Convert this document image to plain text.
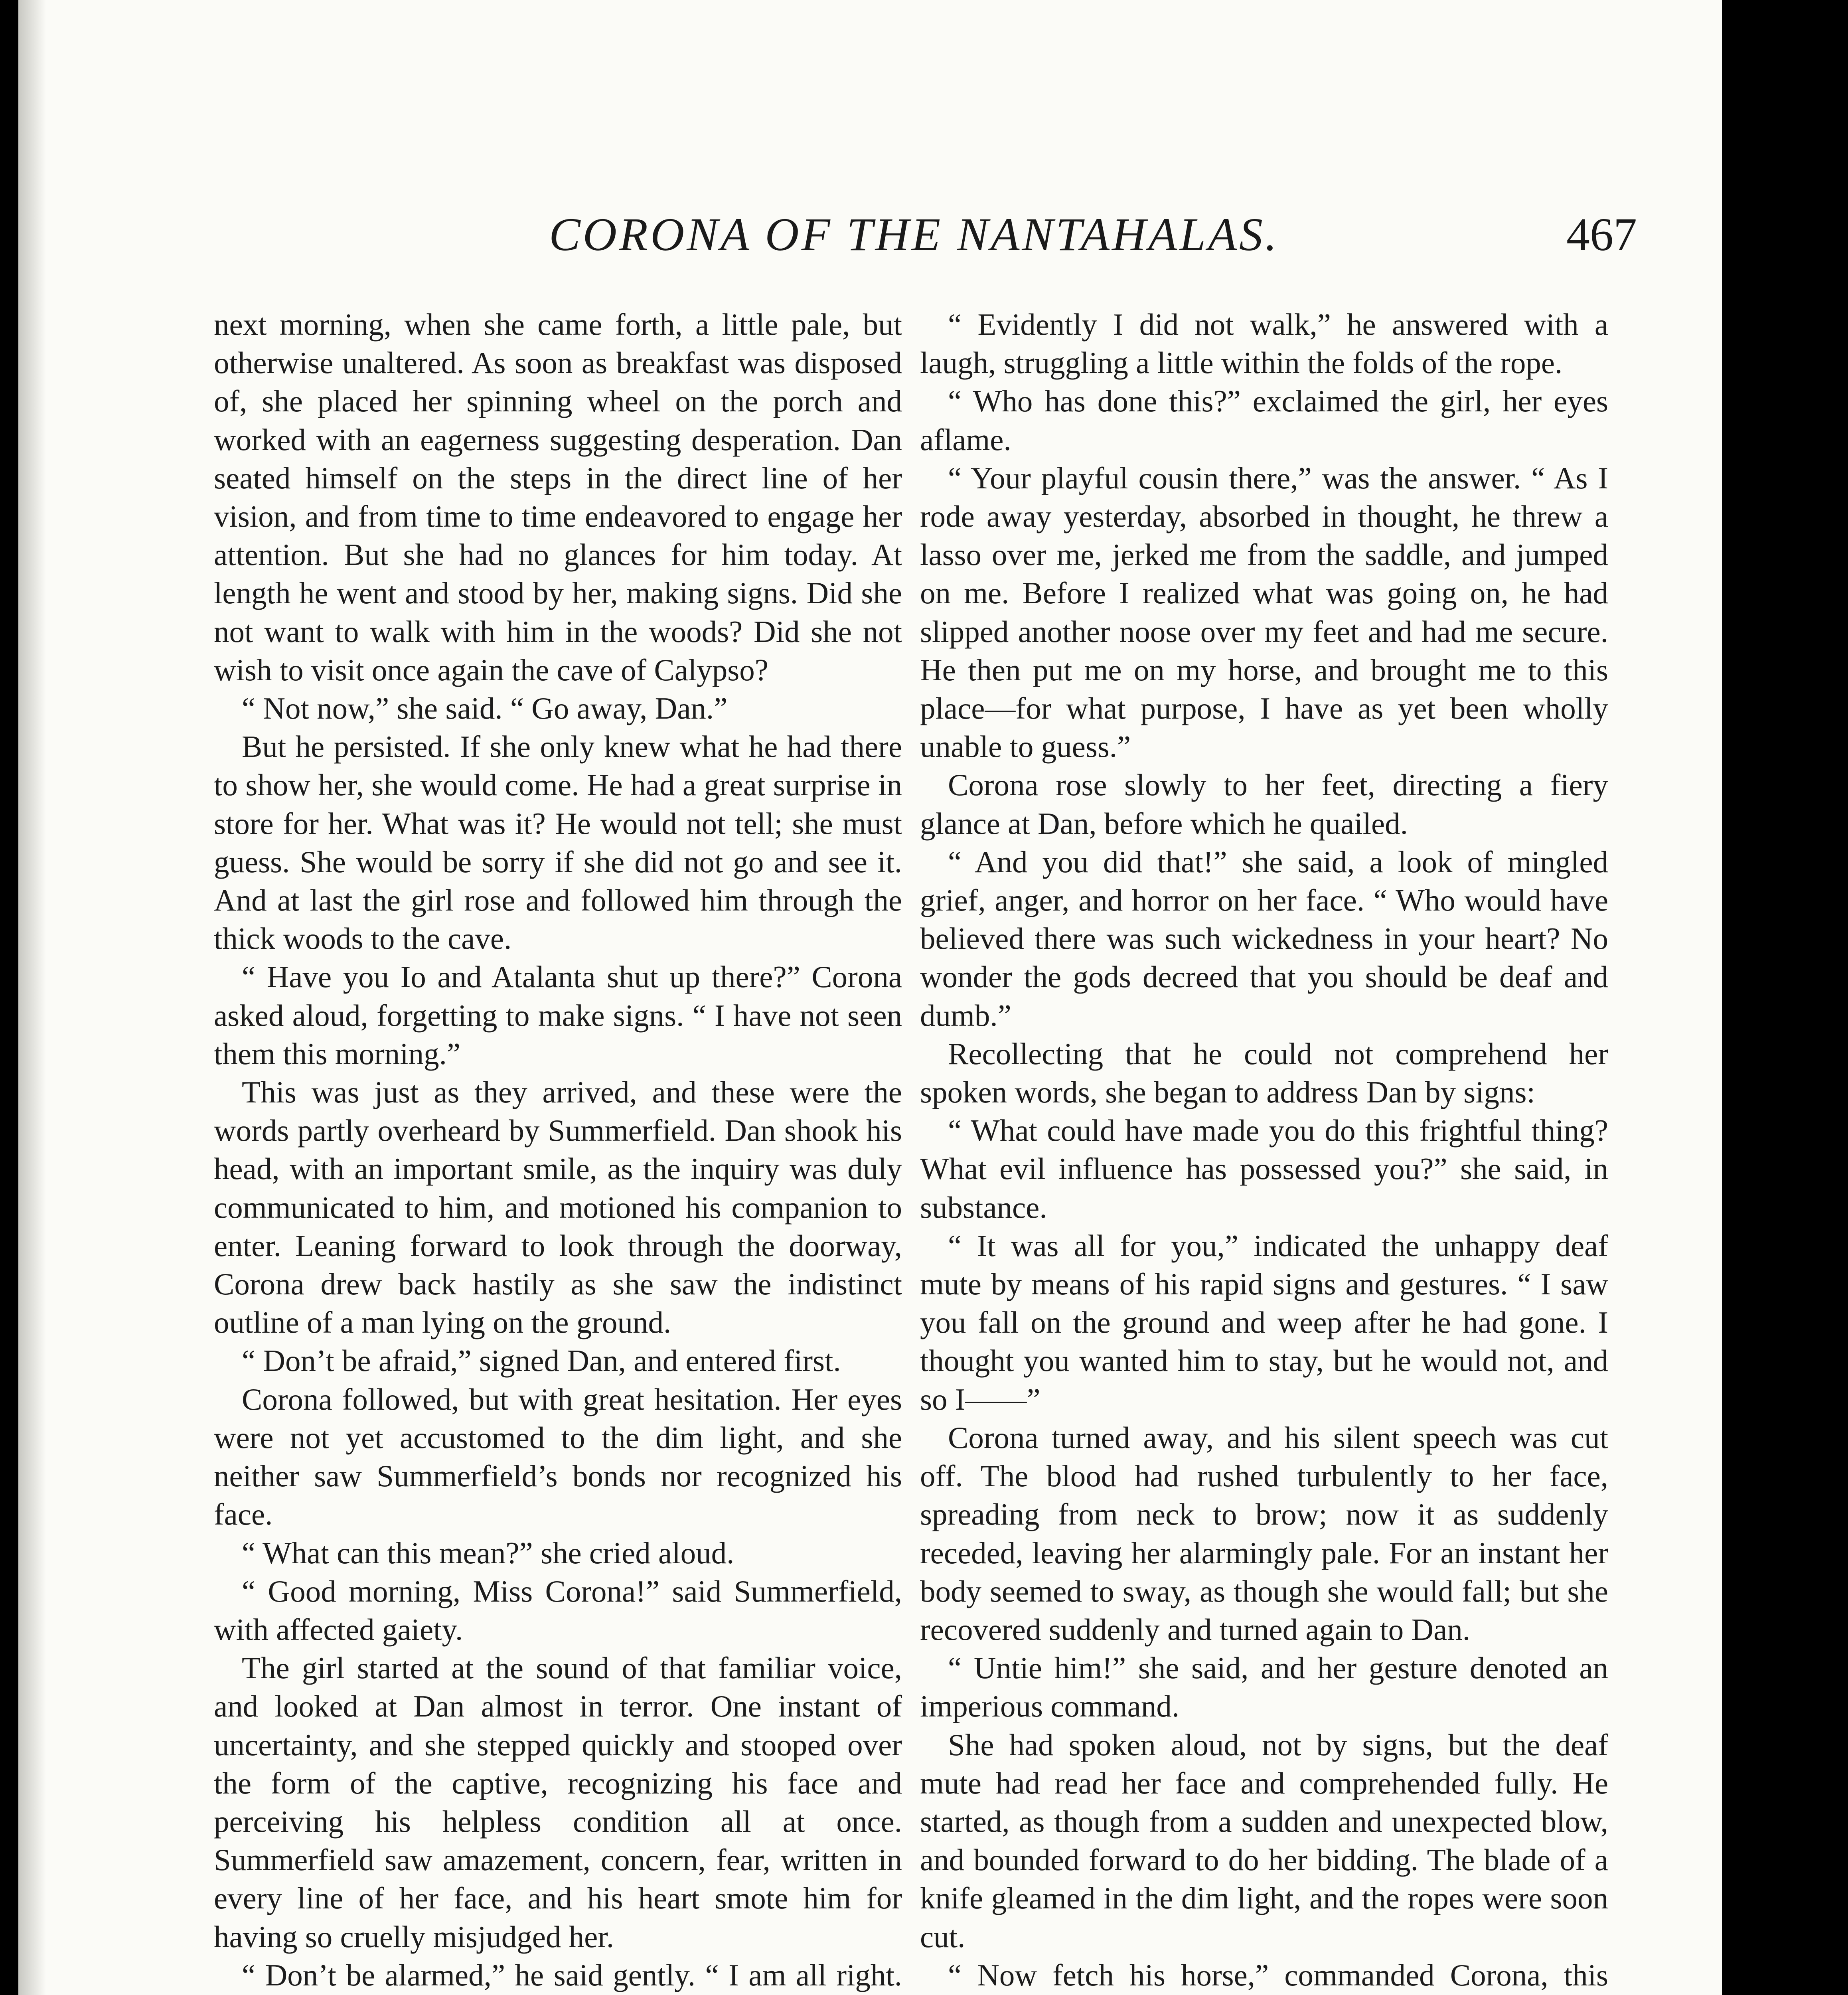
CORONA OF THE NANTAHALAS.	467

next morning, when she came forth, a little pale, but otherwise unaltered. As soon as breakfast was disposed of, she placed her spinning wheel on the porch and worked with an eagerness suggesting desperation. Dan seated himself on the steps in the direct line of her vision, and from time to time endeavored to engage her attention. But she had no glances for him today. At length he went and stood by her, making signs. Did she not want to walk with him in the woods? Did she not wish to visit once again the cave of Calypso?

“ Not now,” she said. “ Go away, Dan.”

But he persisted. If she only knew what he had there to show her, she would come. He had a great surprise in store for her. What was it? He would not tell; she must guess. She would be sorry if she did not go and see it. And at last the girl rose and followed him through the thick woods to the cave.

“ Have you Io and Atalanta shut up there?” Corona asked aloud, forgetting to make signs. “ I have not seen them this morning.”

This was just as they arrived, and these were the words partly overheard by Summerfield. Dan shook his head, with an important smile, as the inquiry was duly communicated to him, and motioned his companion to enter. Leaning forward to look through the doorway, Corona drew back hastily as she saw the indistinct outline of a man lying on the ground.

“ Don’t be afraid,” signed Dan, and entered first.

Corona followed, but with great hesitation. Her eyes were not yet accustomed to the dim light, and she neither saw Summerfield’s bonds nor recognized his face.

“ What can this mean?” she cried aloud.

“ Good morning, Miss Corona!” said Summerfield, with affected gaiety.

The girl started at the sound of that familiar voice, and looked at Dan almost in terror. One instant of uncertainty, and she stepped quickly and stooped over the form of the captive, recognizing his face and perceiving his helpless condition all at once. Summerfield saw amazement, concern, fear, written in every line of her face, and his heart smote him for having so cruelly misjudged her.

“ Don’t be alarmed,” he said gently. “ I am all right.

“ Evidently I did not walk,” he answered with a laugh, struggling a little within the folds of the rope.

“ Who has done this?” exclaimed the girl, her eyes aflame.

“ Your playful cousin there,” was the answer. “ As I rode away yesterday, absorbed in thought, he threw a lasso over me, jerked me from the saddle, and jumped on me. Before I realized what was going on, he had slipped another noose over my feet and had me secure. He then put me on my horse, and brought me to this place—for what purpose, I have as yet been wholly unable to guess.”

Corona rose slowly to her feet, directing a fiery glance at Dan, before which he quailed.

“ And you did that!” she said, a look of mingled grief, anger, and horror on her face. “ Who would have believed there was such wickedness in your heart? No wonder the gods decreed that you should be deaf and dumb.”

Recollecting that he could not comprehend her spoken words, she began to address Dan by signs:

“ What could have made you do this frightful thing? What evil influence has possessed you?” she said, in substance.

“ It was all for you,” indicated the unhappy deaf mute by means of his rapid signs and gestures. “ I saw you fall on the ground and weep after he had gone. I thought you wanted him to stay, but he would not, and so I——”

Corona turned away, and his silent speech was cut off. The blood had rushed turbulently to her face, spreading from neck to brow; now it as suddenly receded, leaving her alarmingly pale. For an instant her body seemed to sway, as though she would fall; but she recovered suddenly and turned again to Dan.

“ Untie him!” she said, and her gesture denoted an imperious command.

She had spoken aloud, not by signs, but the deaf mute had read her face and comprehended fully. He started, as though from a sudden and unexpected blow, and bounded forward to do her bidding. The blade of a knife gleamed in the dim light, and the ropes were soon cut.

“ Now fetch his horse,” commanded Corona, this
